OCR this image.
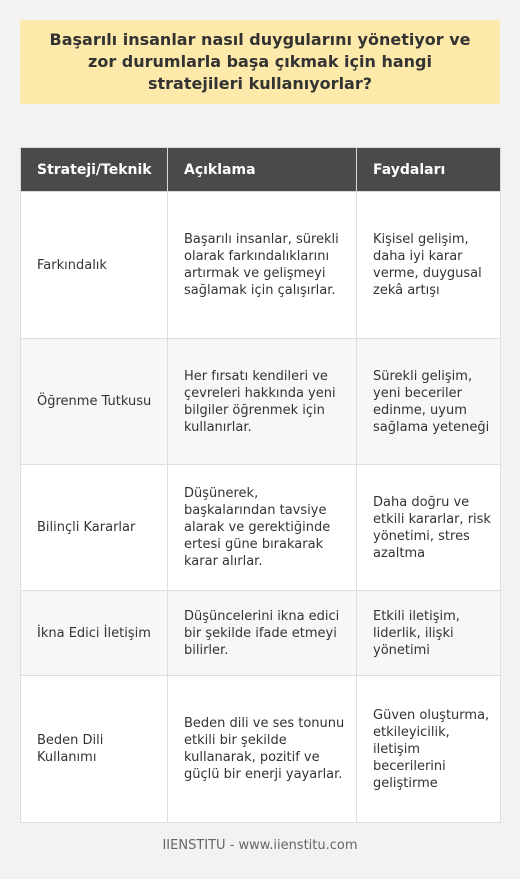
Başarılı insanlar nasıl duygularını yönetiyor ve zor durumlarla başa çıkmak için hangi stratejileri kullanıyorlar?
Strateji/Teknik	Açıklama	Faydaları
Farkındalık	Başarılı insanlar, sürekli olarak farkındalıklarını artırmak ve gelişmeyi sağlamak için çalışırlar.	Kişisel gelişim, daha iyi karar verme, duygusal zekâ artışı
Öğrenme Tutkusu	Her fırsatı kendileri ve çevreleri hakkında yeni bilgiler öğrenmek için kullanırlar.	Sürekli gelişim, yeni beceriler edinme, uyum sağlama yeteneği
Bilinçli Kararlar	Düşünerek, başkalarından tavsiye alarak ve gerektiğinde ertesi güne bırakarak karar alırlar.	Daha doğru ve etkili kararlar, risk yönetimi, stres azaltma
İkna Edici İletişim	Düşüncelerini ikna edici bir şekilde ifade etmeyi bilirler.	Etkili iletişim, liderlik, ilişki yönetimi
Beden Dili Kullanımı	Beden dili ve ses tonunu etkili bir şekilde kullanarak, pozitif ve güçlü bir enerji yayarlar.	Güven oluşturma, etkileyicilik, iletişim becerilerini geliştirme
IIENSTITU - www.iienstitu.com
